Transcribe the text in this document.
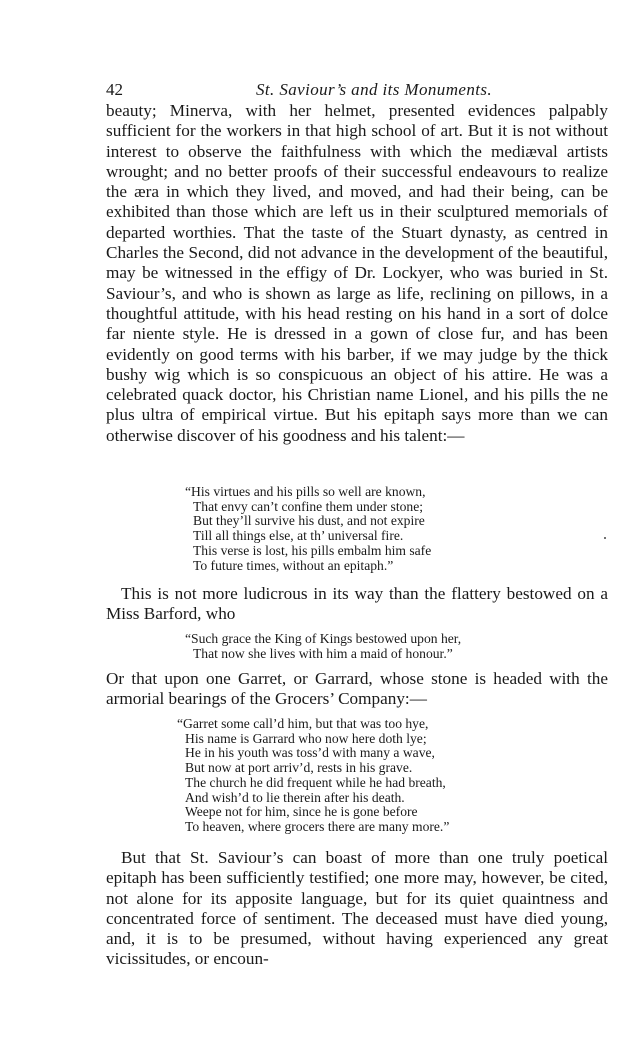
42	St. Saviour’s and its Monuments.
beauty; Minerva, with her helmet, presented evidences palpably sufficient for the workers in that high school of art. But it is not without interest to observe the faithfulness with which the mediæval artists wrought; and no better proofs of their successful endeavours to realize the æra in which they lived, and moved, and had their being, can be exhibited than those which are left us in their sculptured memorials of departed worthies. That the taste of the Stuart dynasty, as centred in Charles the Second, did not advance in the development of the beautiful, may be witnessed in the effigy of Dr. Lockyer, who was buried in St. Saviour’s, and who is shown as large as life, reclining on pillows, in a thoughtful attitude, with his head resting on his hand in a sort of dolce far niente style. He is dressed in a gown of close fur, and has been evidently on good terms with his barber, if we may judge by the thick bushy wig which is so conspicuous an object of his attire. He was a celebrated quack doctor, his Christian name Lionel, and his pills the ne plus ultra of empirical virtue. But his epitaph says more than we can otherwise discover of his goodness and his talent:—
“His virtues and his pills so well are known,
That envy can’t confine them under stone;
But they’ll survive his dust, and not expire
Till all things else, at th’ universal fire.
This verse is lost, his pills embalm him safe
To future times, without an epitaph.”
This is not more ludicrous in its way than the flattery bestowed on a Miss Barford, who
“Such grace the King of Kings bestowed upon her,
That now she lives with him a maid of honour.”
Or that upon one Garret, or Garrard, whose stone is headed with the armorial bearings of the Grocers’ Company:—
“Garret some call’d him, but that was too hye,
His name is Garrard who now here doth lye;
He in his youth was toss’d with many a wave,
But now at port arriv’d, rests in his grave.
The church he did frequent while he had breath,
And wish’d to lie therein after his death.
Weepe not for him, since he is gone before
To heaven, where grocers there are many more.”
But that St. Saviour’s can boast of more than one truly poetical epitaph has been sufficiently testified; one more may, however, be cited, not alone for its apposite language, but for its quiet quaintness and concentrated force of sentiment. The deceased must have died young, and, it is to be presumed, without having experienced any great vicissitudes, or encoun-
